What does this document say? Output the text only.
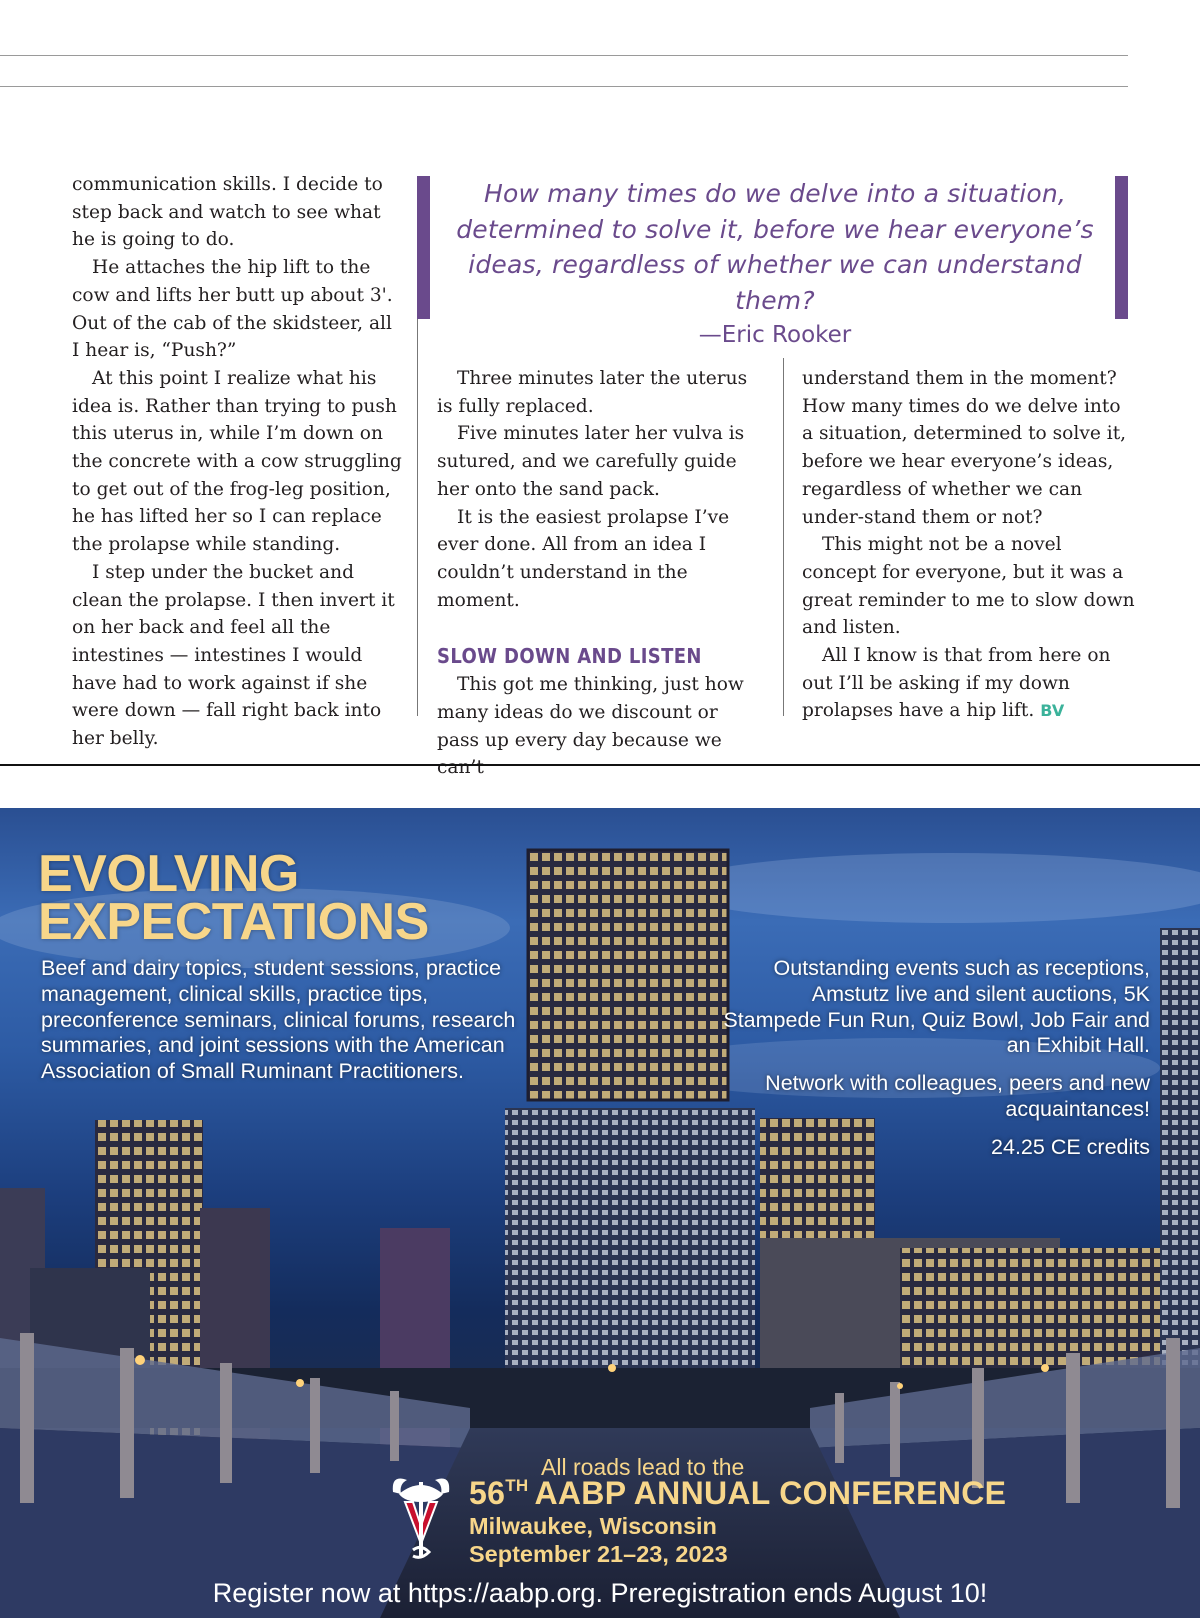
communication skills. I decide to step back and watch to see what he is going to do.

He attaches the hip lift to the cow and lifts her butt up about 3'. Out of the cab of the skidsteer, all I hear is, “Push?”

At this point I realize what his idea is. Rather than trying to push this uterus in, while I’m down on the concrete with a cow struggling to get out of the frog-leg position, he has lifted her so I can replace the prolapse while standing.

I step under the bucket and clean the prolapse. I then invert it on her back and feel all the intestines — intestines I would have had to work against if she were down — fall right back into her belly.

How many times do we delve into a situation, determined to solve it, before we hear everyone’s ideas, regardless of whether we can understand them?
—Eric Rooker

Three minutes later the uterus is fully replaced.

Five minutes later her vulva is sutured, and we carefully guide her onto the sand pack.

It is the easiest prolapse I’ve ever done. All from an idea I couldn’t understand in the moment.

SLOW DOWN AND LISTEN

This got me thinking, just how many ideas do we discount or pass up every day because we can’t

understand them in the moment? How many times do we delve into a situation, determined to solve it, before we hear everyone’s ideas, regardless of whether we can under-stand them or not?

This might not be a novel concept for everyone, but it was a great reminder to me to slow down and listen.

All I know is that from here on out I’ll be asking if my down prolapses have a hip lift. BV

EVOLVING
EXPECTATIONS

Beef and dairy topics, student sessions, practice management, clinical skills, practice tips, preconference seminars, clinical forums, research summaries, and joint sessions with the American Association of Small Ruminant Practitioners.

Outstanding events such as receptions, Amstutz live and silent auctions, 5K Stampede Fun Run, Quiz Bowl, Job Fair and an Exhibit Hall.

Network with colleagues, peers and new acquaintances!

24.25 CE credits

All roads lead to the
56TH AABP ANNUAL CONFERENCE
Milwaukee, Wisconsin
September 21–23, 2023
Register now at https://aabp.org. Preregistration ends August 10!
